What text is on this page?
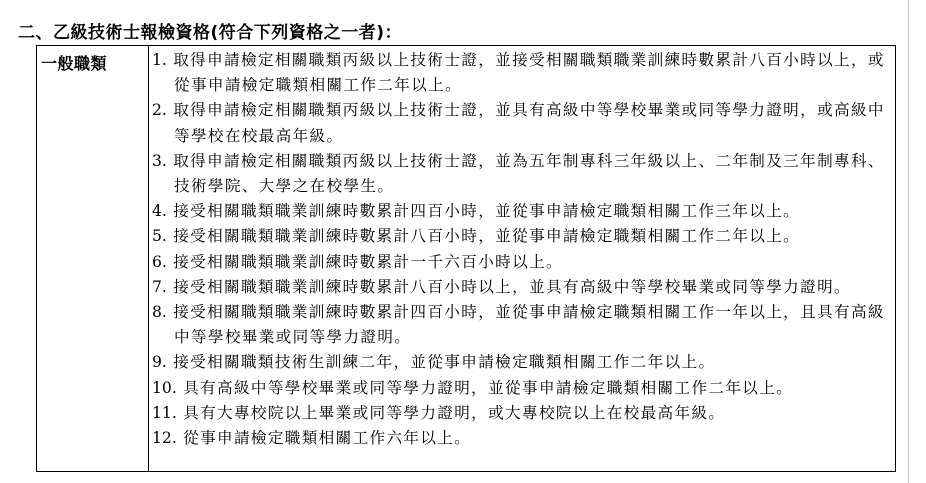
二、乙級技術士報檢資格(符合下列資格之一者)：
一般職類	1. 取得申請檢定相關職類丙級以上技術士證，並接受相關職類職業訓練時數累計八百小時以上，或從事申請檢定職類相關工作二年以上。
2. 取得申請檢定相關職類丙級以上技術士證，並具有高級中等學校畢業或同等學力證明，或高級中等學校在校最高年級。
3. 取得申請檢定相關職類丙級以上技術士證，並為五年制專科三年級以上、二年制及三年制專科、技術學院、大學之在校學生。
4. 接受相關職類職業訓練時數累計四百小時，並從事申請檢定職類相關工作三年以上。
5. 接受相關職類職業訓練時數累計八百小時，並從事申請檢定職類相關工作二年以上。
6. 接受相關職類職業訓練時數累計一千六百小時以上。
7. 接受相關職類職業訓練時數累計八百小時以上，並具有高級中等學校畢業或同等學力證明。
8. 接受相關職類職業訓練時數累計四百小時，並從事申請檢定職類相關工作一年以上，且具有高級中等學校畢業或同等學力證明。
9. 接受相關職類技術生訓練二年，並從事申請檢定職類相關工作二年以上。
10. 具有高級中等學校畢業或同等學力證明，並從事申請檢定職類相關工作二年以上。
11. 具有大專校院以上畢業或同等學力證明，或大專校院以上在校最高年級。
12. 從事申請檢定職類相關工作六年以上。
